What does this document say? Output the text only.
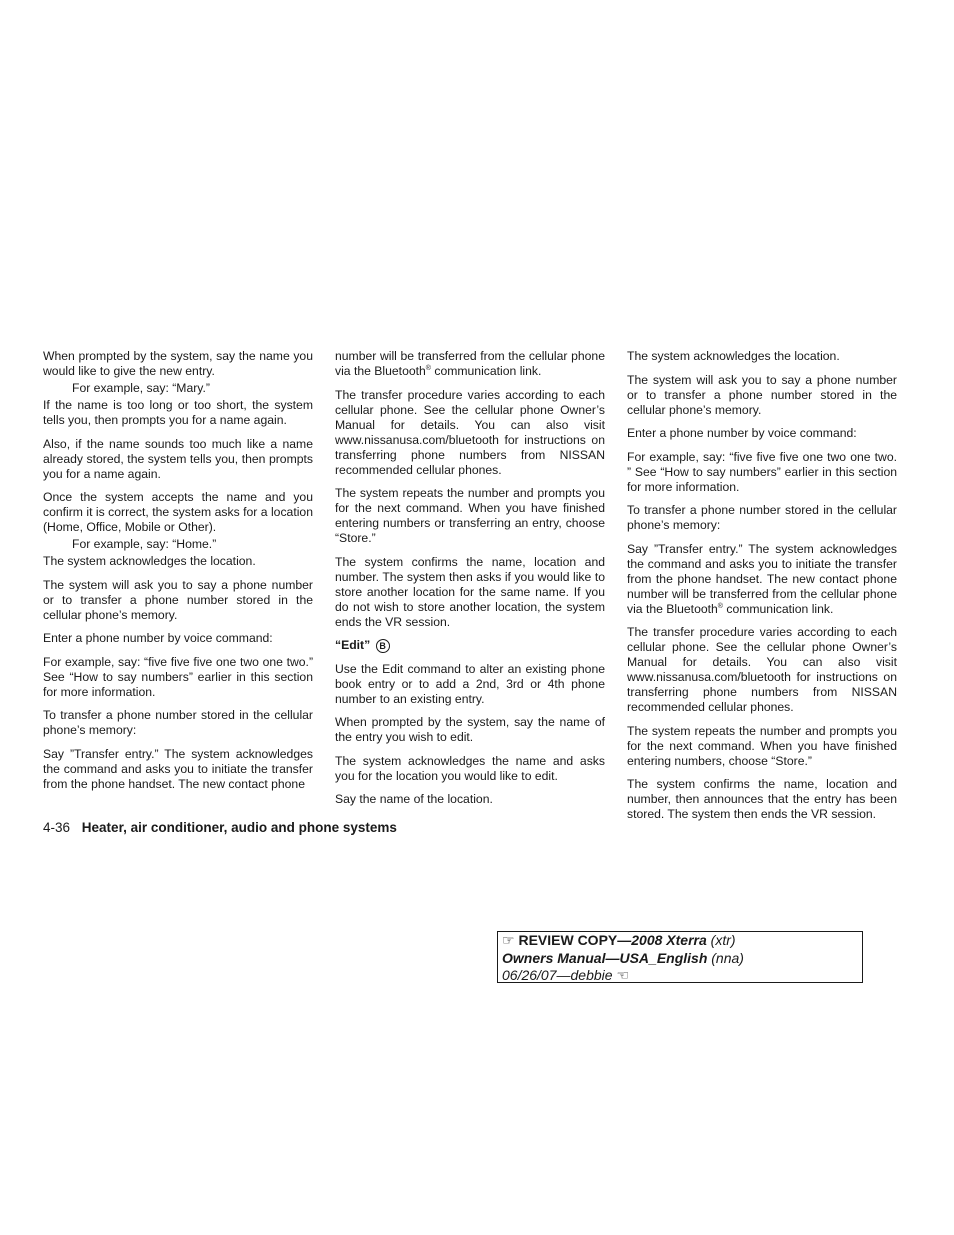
When prompted by the system, say the name you would like to give the new entry.

For example, say: “Mary.”

If the name is too long or too short, the system tells you, then prompts you for a name again.

Also, if the name sounds too much like a name already stored, the system tells you, then prompts you for a name again.

Once the system accepts the name and you confirm it is correct, the system asks for a location (Home, Office, Mobile or Other).

For example, say: “Home.”

The system acknowledges the location.

The system will ask you to say a phone number or to transfer a phone number stored in the cellular phone’s memory.

Enter a phone number by voice command:

For example, say: “five five five one two one two.” See “How to say numbers” earlier in this section for more information.

To transfer a phone number stored in the cellular phone’s memory:

Say ”Transfer entry.” The system acknowledges the command and asks you to initiate the transfer from the phone handset. The new contact phone

number will be transferred from the cellular phone via the Bluetooth® communication link.

The transfer procedure varies according to each cellular phone. See the cellular phone Owner’s Manual for details. You can also visit www.nissanusa.com/bluetooth for instructions on transferring phone numbers from NISSAN recommended cellular phones.

The system repeats the number and prompts you for the next command. When you have finished entering numbers or transferring an entry, choose “Store.”

The system confirms the name, location and number. The system then asks if you would like to store another location for the same name. If you do not wish to store another location, the system ends the VR session.

“Edit” B

Use the Edit command to alter an existing phone book entry or to add a 2nd, 3rd or 4th phone number to an existing entry.

When prompted by the system, say the name of the entry you wish to edit.

The system acknowledges the name and asks you for the location you would like to edit.

Say the name of the location.

The system acknowledges the location.

The system will ask you to say a phone number or to transfer a phone number stored in the cellular phone’s memory.

Enter a phone number by voice command:

For example, say: “five five five one two one two. ” See “How to say numbers” earlier in this section for more information.

To transfer a phone number stored in the cellular phone’s memory:

Say ”Transfer entry.” The system acknowledges the command and asks you to initiate the transfer from the phone handset. The new contact phone number will be transferred from the cellular phone via the Bluetooth® communication link.

The transfer procedure varies according to each cellular phone. See the cellular phone Owner’s Manual for details. You can also visit www.nissanusa.com/bluetooth for instructions on transferring phone numbers from NISSAN recommended cellular phones.

The system repeats the number and prompts you for the next command. When you have finished entering numbers, choose “Store.”

The system confirms the name, location and number, then announces that the entry has been stored. The system then ends the VR session.

4-36 Heater, air conditioner, audio and phone systems
☞ REVIEW COPY—2008 Xterra (xtr)
Owners Manual—USA_English (nna)
06/26/07—debbie ☜
